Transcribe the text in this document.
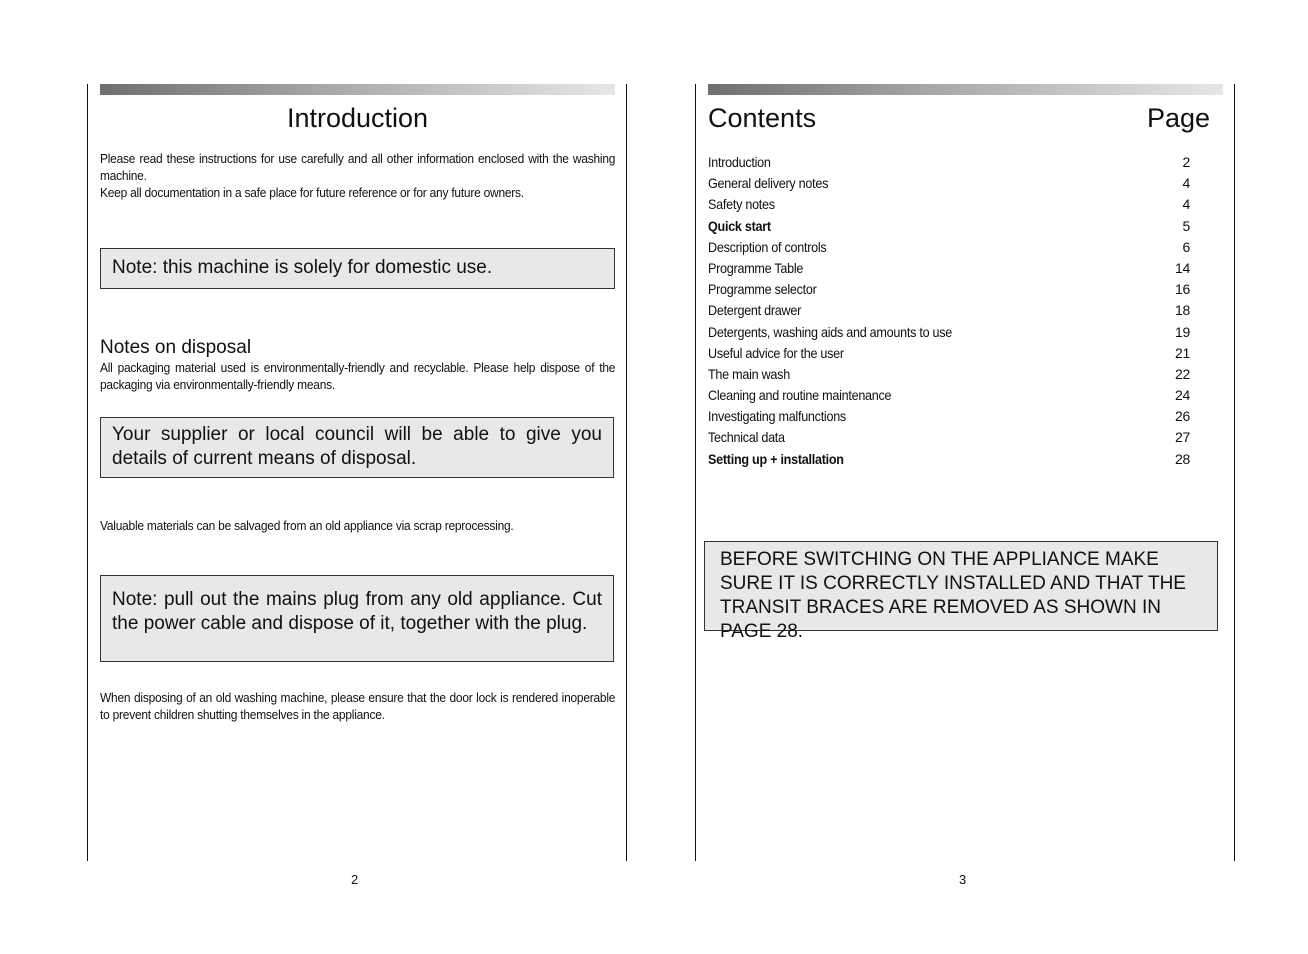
Introduction

Please read these instructions for use carefully and all other information enclosed with the washing machine.

Keep all documentation in a safe place for future reference or for any future owners.

Note: this machine is solely for domestic use.
Notes on disposal
All packaging material used is environmentally-friendly and recyclable. Please help dispose of the packaging via environmentally-friendly means.
Your supplier or local council will be able to give you details of current means of disposal.
Valuable materials can be salvaged from an old appliance via scrap reprocessing.
Note: pull out the mains plug from any old appliance. Cut the power cable and dispose of it, together with the plug.
When disposing of an old washing machine, please ensure that the door lock is rendered inoperable to prevent children shutting themselves in the appliance.
2
Contents	Page
Introduction	2
General delivery notes	4
Safety notes	4
Quick start	5
Description of controls	6
Programme Table	14
Programme selector	16
Detergent drawer	18
Detergents, washing aids and amounts to use	19
Useful advice for the user	21
The main wash	22
Cleaning and routine maintenance	24
Investigating malfunctions	26
Technical data	27
Setting up + installation	28
BEFORE SWITCHING ON THE APPLIANCE MAKE SURE IT IS CORRECTLY INSTALLED AND THAT THE TRANSIT BRACES ARE REMOVED AS SHOWN IN PAGE 28.
3
